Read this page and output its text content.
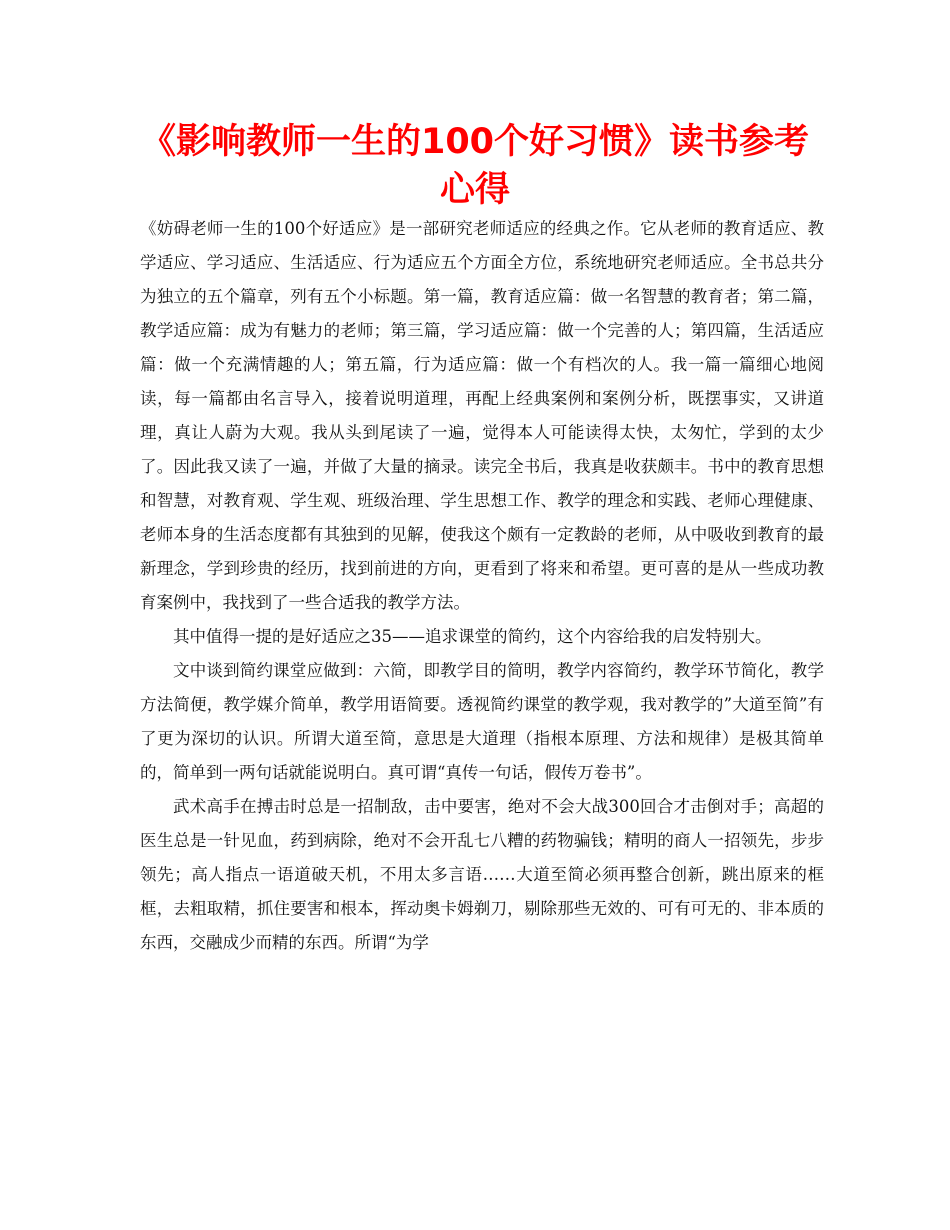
《影响教师一生的100个好习惯》读书参考心得

《妨碍老师一生的100个好适应》是一部研究老师适应的经典之作。它从老师的教育适应、教学适应、学习适应、生活适应、行为适应五个方面全方位，系统地研究老师适应。全书总共分为独立的五个篇章，列有五个小标题。第一篇，教育适应篇：做一名智慧的教育者；第二篇，教学适应篇：成为有魅力的老师；第三篇，学习适应篇：做一个完善的人；第四篇，生活适应篇：做一个充满情趣的人；第五篇，行为适应篇：做一个有档次的人。我一篇一篇细心地阅读，每一篇都由名言导入，接着说明道理，再配上经典案例和案例分析，既摆事实，又讲道理，真让人蔚为大观。我从头到尾读了一遍，觉得本人可能读得太快，太匆忙，学到的太少了。因此我又读了一遍，并做了大量的摘录。读完全书后，我真是收获颇丰。书中的教育思想和智慧，对教育观、学生观、班级治理、学生思想工作、教学的理念和实践、老师心理健康、老师本身的生活态度都有其独到的见解，使我这个颇有一定教龄的老师，从中吸收到教育的最新理念，学到珍贵的经历，找到前进的方向，更看到了将来和希望。更可喜的是从一些成功教育案例中，我找到了一些合适我的教学方法。

其中值得一提的是好适应之35——追求课堂的简约，这个内容给我的启发特别大。

文中谈到简约课堂应做到：六简，即教学目的简明，教学内容简约，教学环节简化，教学方法简便，教学媒介简单，教学用语简要。透视简约课堂的教学观，我对教学的”大道至简”有了更为深切的认识。所谓大道至简，意思是大道理（指根本原理、方法和规律）是极其简单的，简单到一两句话就能说明白。真可谓“真传一句话，假传万卷书”。

武术高手在搏击时总是一招制敌，击中要害，绝对不会大战300回合才击倒对手；高超的医生总是一针见血，药到病除，绝对不会开乱七八糟的药物骗钱；精明的商人一招领先，步步领先；高人指点一语道破天机，不用太多言语……大道至简必须再整合创新，跳出原来的框框，去粗取精，抓住要害和根本，挥动奥卡姆剃刀，剔除那些无效的、可有可无的、非本质的东西，交融成少而精的东西。所谓“为学
